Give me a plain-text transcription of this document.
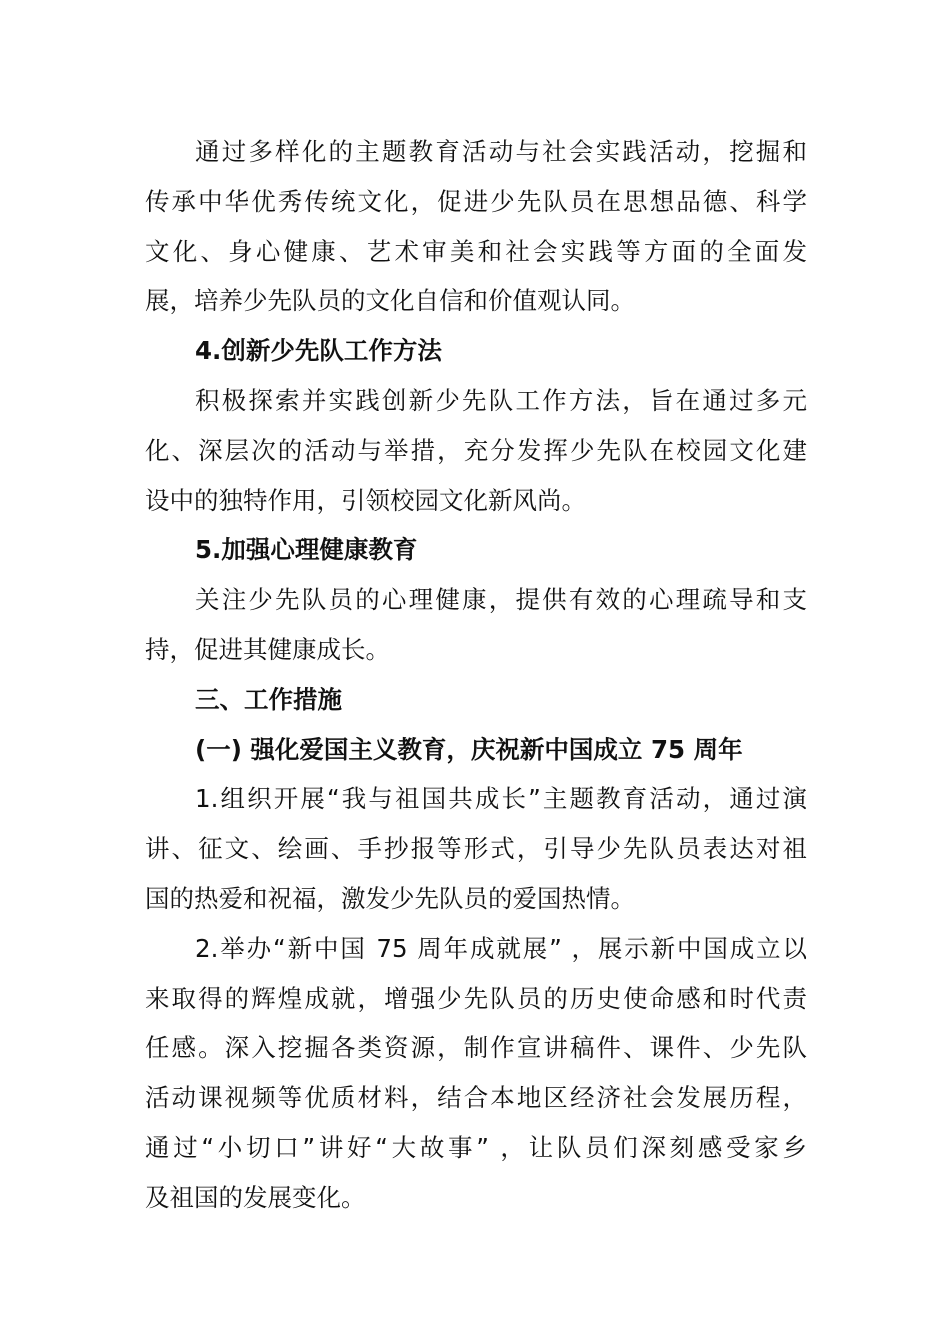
通过多样化的主题教育活动与社会实践活动，挖掘和
传承中华优秀传统文化，促进少先队员在思想品德、科学
文化、身心健康、艺术审美和社会实践等方面的全面发
展，培养少先队员的文化自信和价值观认同。
4.创新少先队工作方法
积极探索并实践创新少先队工作方法，旨在通过多元
化、深层次的活动与举措，充分发挥少先队在校园文化建
设中的独特作用，引领校园文化新风尚。
5.加强心理健康教育
关注少先队员的心理健康，提供有效的心理疏导和支
持，促进其健康成长。
三、工作措施
(一) 强化爱国主义教育，庆祝新中国成立 75 周年
1.组织开展“我与祖国共成长”主题教育活动，通过演
讲、征文、绘画、手抄报等形式，引导少先队员表达对祖
国的热爱和祝福，激发少先队员的爱国热情。
2.举办“新中国 75 周年成就展” ，展示新中国成立以
来取得的辉煌成就，增强少先队员的历史使命感和时代责
任感。深入挖掘各类资源，制作宣讲稿件、课件、少先队
活动课视频等优质材料，结合本地区经济社会发展历程，
通过“小切口”讲好“大故事” ，让队员们深刻感受家乡
及祖国的发展变化。
